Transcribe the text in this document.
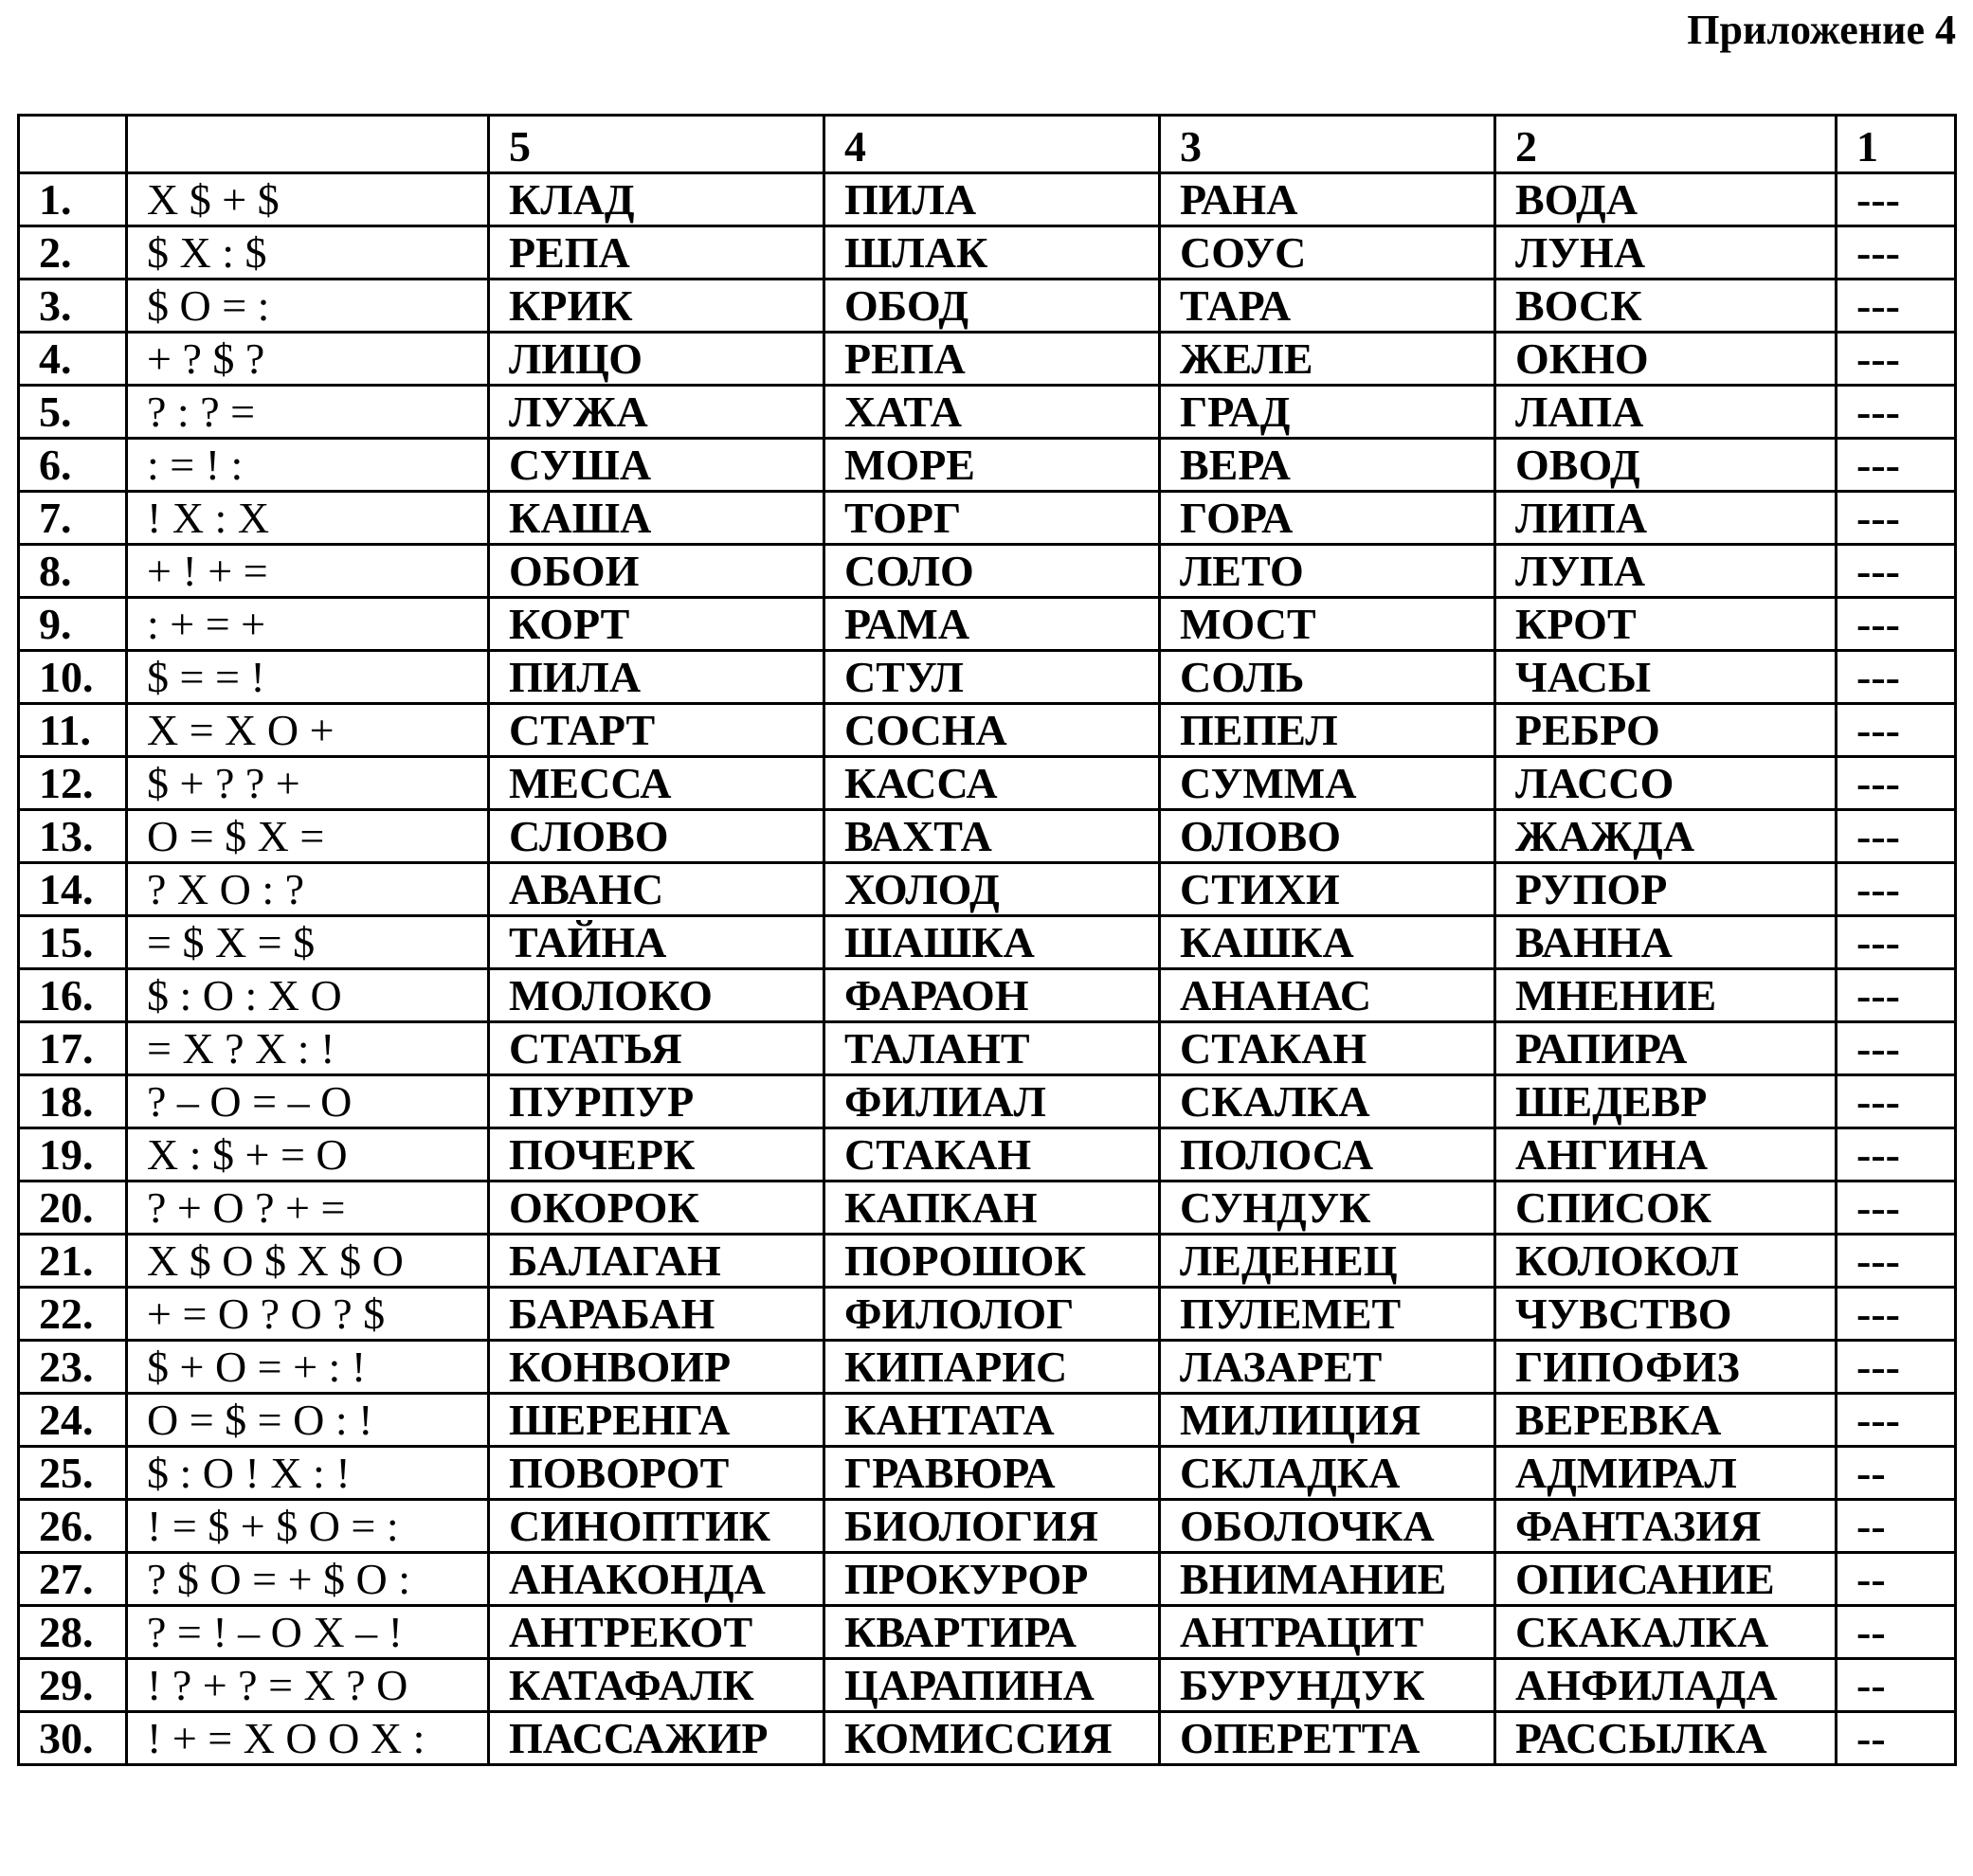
Приложение 4
		5	4	3	2	1
1.	Х $ + $	КЛАД	ПИЛА	РАНА	ВОДА	---
2.	$ Х : $	РЕПА	ШЛАК	СОУС	ЛУНА	---
3.	$ О = :	КРИК	ОБОД	ТАРА	ВОСК	---
4.	+ ? $ ?	ЛИЦО	РЕПА	ЖЕЛЕ	ОКНО	---
5.	? : ? =	ЛУЖА	ХАТА	ГРАД	ЛАПА	---
6.	: = ! :	СУША	МОРЕ	ВЕРА	ОВОД	---
7.	! Х : Х	КАША	ТОРГ	ГОРА	ЛИПА	---
8.	+ ! + =	ОБОИ	СОЛО	ЛЕТО	ЛУПА	---
9.	: + = +	КОРТ	РАМА	МОСТ	КРОТ	---
10.	$ = = !	ПИЛА	СТУЛ	СОЛЬ	ЧАСЫ	---
11.	Х = Х О +	СТАРТ	СОСНА	ПЕПЕЛ	РЕБРО	---
12.	$ + ? ? +	МЕССА	КАССА	СУММА	ЛАССО	---
13.	О = $ Х =	СЛОВО	ВАХТА	ОЛОВО	ЖАЖДА	---
14.	? Х О : ?	АВАНС	ХОЛОД	СТИХИ	РУПОР	---
15.	= $ Х = $	ТАЙНА	ШАШКА	КАШКА	ВАННА	---
16.	$ : О : Х О	МОЛОКО	ФАРАОН	АНАНАС	МНЕНИЕ	---
17.	= Х ? Х : !	СТАТЬЯ	ТАЛАНТ	СТАКАН	РАПИРА	---
18.	? – О = – О	ПУРПУР	ФИЛИАЛ	СКАЛКА	ШЕДЕВР	---
19.	Х : $ + = О	ПОЧЕРК	СТАКАН	ПОЛОСА	АНГИНА	---
20.	? + О ? + =	ОКОРОК	КАПКАН	СУНДУК	СПИСОК	---
21.	Х $ О $ Х $ О	БАЛАГАН	ПОРОШОК	ЛЕДЕНЕЦ	КОЛОКОЛ	---
22.	+ = О ? О ? $	БАРАБАН	ФИЛОЛОГ	ПУЛЕМЕТ	ЧУВСТВО	---
23.	$ + О = + : !	КОНВОИР	КИПАРИС	ЛАЗАРЕТ	ГИПОФИЗ	---
24.	О = $ = О : !	ШЕРЕНГА	КАНТАТА	МИЛИЦИЯ	ВЕРЕВКА	---
25.	$ : О ! Х : !	ПОВОРОТ	ГРАВЮРА	СКЛАДКА	АДМИРАЛ	--
26.	! = $ + $ О = :	СИНОПТИК	БИОЛОГИЯ	ОБОЛОЧКА	ФАНТАЗИЯ	--
27.	? $ О = + $ О :	АНАКОНДА	ПРОКУРОР	ВНИМАНИЕ	ОПИСАНИЕ	--
28.	? = ! – О Х – !	АНТРЕКОТ	КВАРТИРА	АНТРАЦИТ	СКАКАЛКА	--
29.	! ? + ? = Х ? О	КАТАФАЛК	ЦАРАПИНА	БУРУНДУК	АНФИЛАДА	--
30.	! + = Х О О Х :	ПАССАЖИР	КОМИССИЯ	ОПЕРЕТТА	РАССЫЛКА	--
